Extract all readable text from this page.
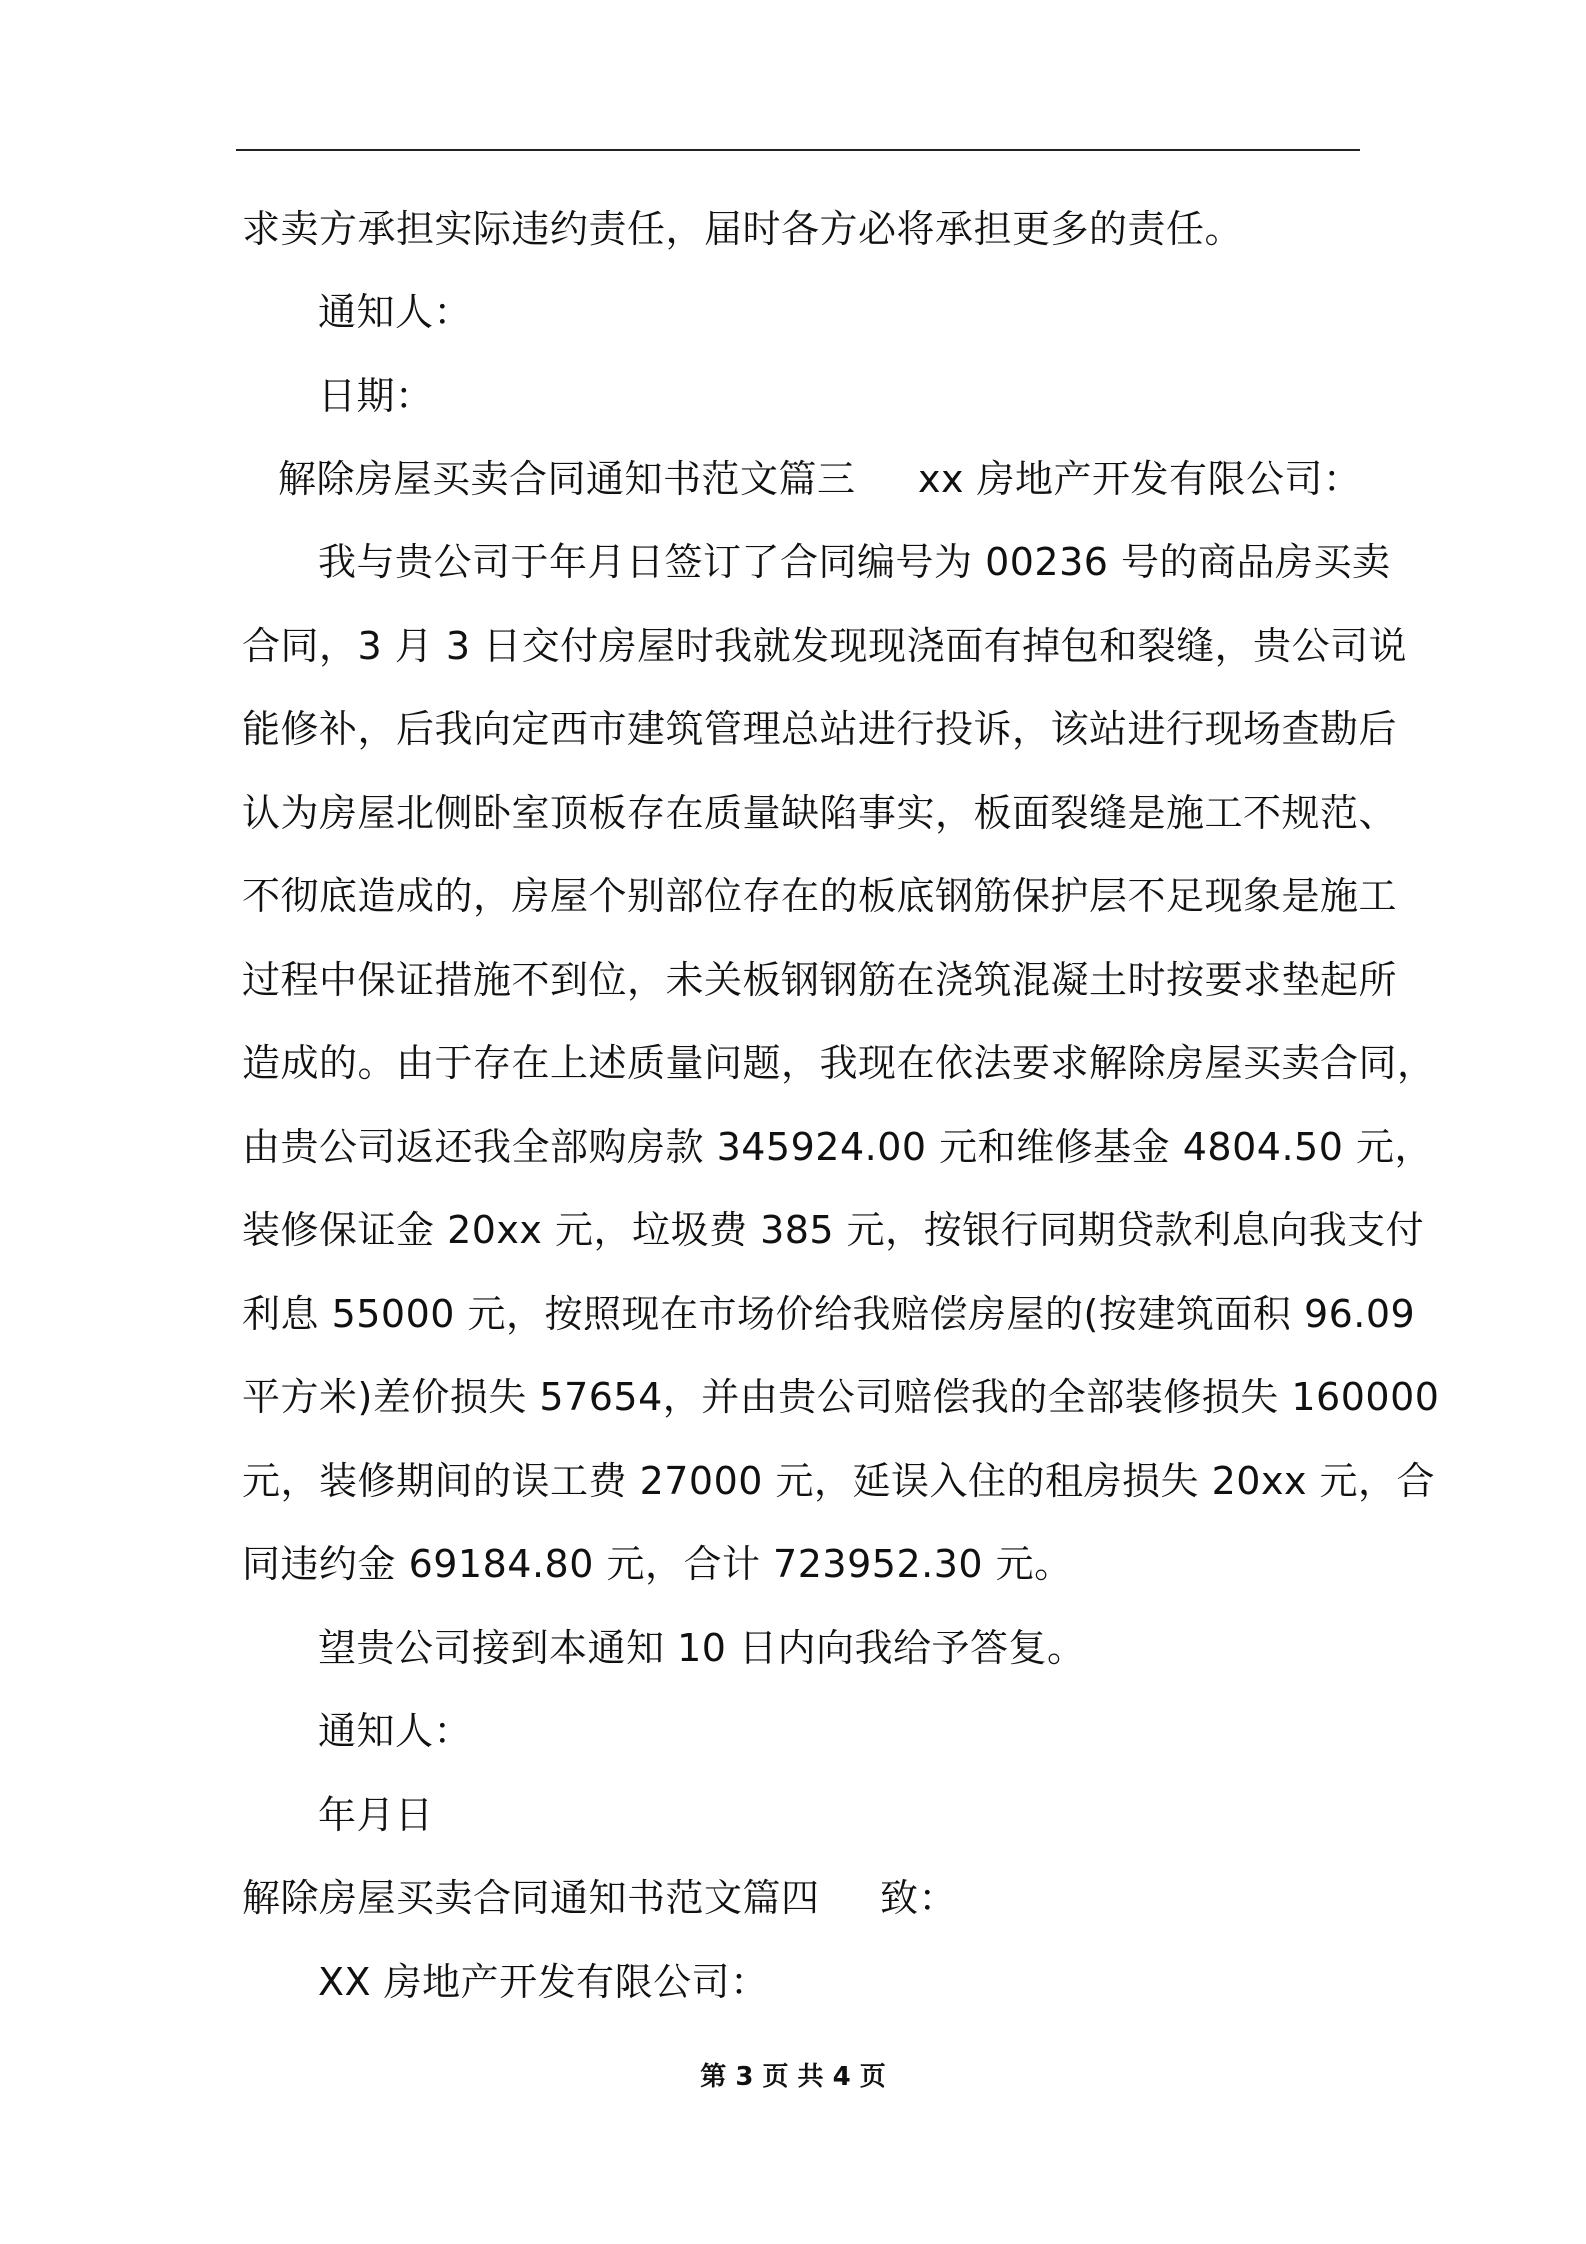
求卖方承担实际违约责任，届时各方必将承担更多的责任。
通知人：
日期：
解除房屋买卖合同通知书范文篇三 xx 房地产开发有限公司：
我与贵公司于年月日签订了合同编号为 00236 号的商品房买卖
合同，3 月 3 日交付房屋时我就发现现浇面有掉包和裂缝，贵公司说
能修补，后我向定西市建筑管理总站进行投诉，该站进行现场查勘后
认为房屋北侧卧室顶板存在质量缺陷事实，板面裂缝是施工不规范、
不彻底造成的，房屋个别部位存在的板底钢筋保护层不足现象是施工
过程中保证措施不到位，未关板钢钢筋在浇筑混凝土时按要求垫起所
造成的。由于存在上述质量问题，我现在依法要求解除房屋买卖合同，
由贵公司返还我全部购房款 345924.00 元和维修基金 4804.50 元，
装修保证金 20xx 元，垃圾费 385 元，按银行同期贷款利息向我支付
利息 55000 元，按照现在市场价给我赔偿房屋的(按建筑面积 96.09
平方米)差价损失 57654，并由贵公司赔偿我的全部装修损失 160000
元，装修期间的误工费 27000 元，延误入住的租房损失 20xx 元，合
同违约金 69184.80 元，合计 723952.30 元。
望贵公司接到本通知 10 日内向我给予答复。
通知人：
年月日
解除房屋买卖合同通知书范文篇四 致：
XX 房地产开发有限公司：
第 3 页 共 4 页
